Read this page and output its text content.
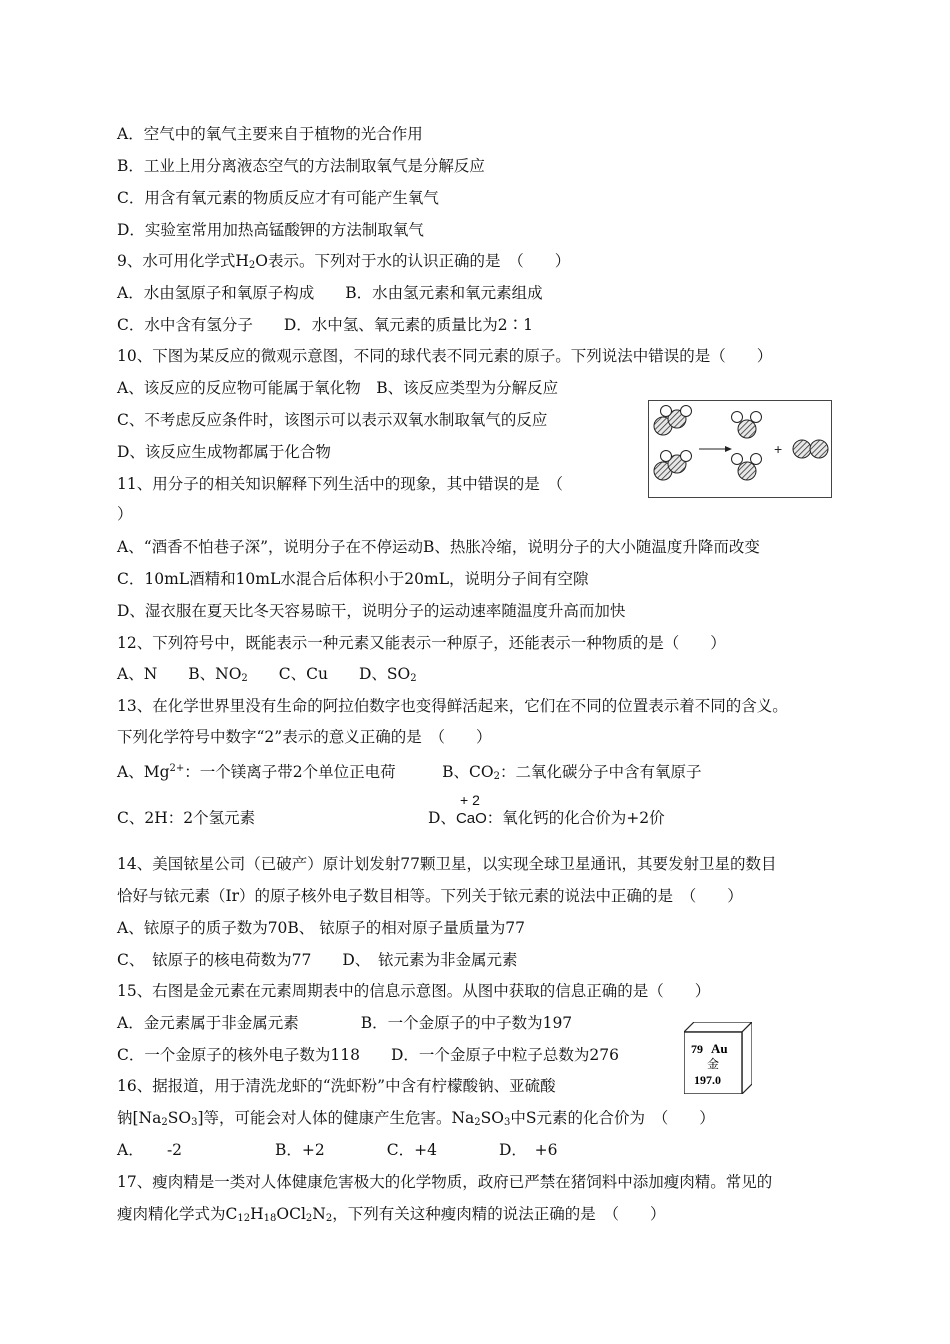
A．空气中的氧气主要来自于植物的光合作用
B．工业上用分离液态空气的方法制取氧气是分解反应
C．用含有氧元素的物质反应才有可能产生氧气
D．实验室常用加热高锰酸钾的方法制取氧气
9、水可用化学式$H_2O$表示。下列对于水的认识正确的是　（　　）
A．水由氢原子和氧原子构成　　B．水由氢元素和氧元素组成
C．水中含有氢分子　　D．水中氢、氧元素的质量比为2∶1
10、下图为某反应的微观示意图，不同的球代表不同元素的原子。下列说法中错误的是（　　）
A、该反应的反应物可能属于氧化物　B、该反应类型为分解反应
C、不考虑反应条件时，该图示可以表示双氧水制取氧气的反应
D、该反应生成物都属于化合物
11、用分子的相关知识解释下列生活中的现象，其中错误的是　（
）
A、“酒香不怕巷子深”，说明分子在不停运动B、热胀冷缩，说明分子的大小随温度升降而改变
C．10mL酒精和10mL水混合后体积小于20mL，说明分子间有空隙
D、湿衣服在夏天比冬天容易晾干，说明分子的运动速率随温度升高而加快
12、下列符号中，既能表示一种元素又能表示一种原子，还能表示一种物质的是（　　）
A、N　　B、$NO_2$　　C、Cu　　D、$SO_2$
13、在化学世界里没有生命的阿拉伯数字也变得鲜活起来，它们在不同的位置表示着不同的含义。
下列化学符号中数字“2”表示的意义正确的是　（　　）
A、$Mg^{2+}$：一个镁离子带2个单位正电荷　　　B、$CO_2$：二氧化碳分子中含有氧原子
+ 2
C、2H：2个氢元素	D、CaO：氧化钙的化合价为+2价
14、美国铱星公司（已破产）原计划发射77颗卫星，以实现全球卫星通讯，其要发射卫星的数目
恰好与铱元素（Ir）的原子核外电子数目相等。下列关于铱元素的说法中正确的是　（　　）
A、铱原子的质子数为70B、 铱原子的相对原子量质量为77
C、　铱原子的核电荷数为77　　D、　铱元素为非金属元素
15、右图是金元素在元素周期表中的信息示意图。从图中获取的信息正确的是（　　）
A．金元素属于非金属元素　　　　B．一个金原子的中子数为197
C．一个金原子的核外电子数为118　　D．一个金原子中粒子总数为276
16、据报道，用于清洗龙虾的“洗虾粉”中含有柠檬酸钠、亚硫酸
钠$[Na_2SO_3]$等，可能会对人体的健康产生危害。$Na_2SO_3$中S元素的化合价为　（　　）
A．　　-2　　　　　　B．+2　　　　C．+4　　　　D．　+6
17、瘦肉精是一类对人体健康危害极大的化学物质，政府已严禁在猪饲料中添加瘦肉精。常见的
瘦肉精化学式为$C_{12}H_{18}OCl_2N_2$，下列有关这种瘦肉精的说法正确的是　（　　）
+
79 Au
金
197.0
